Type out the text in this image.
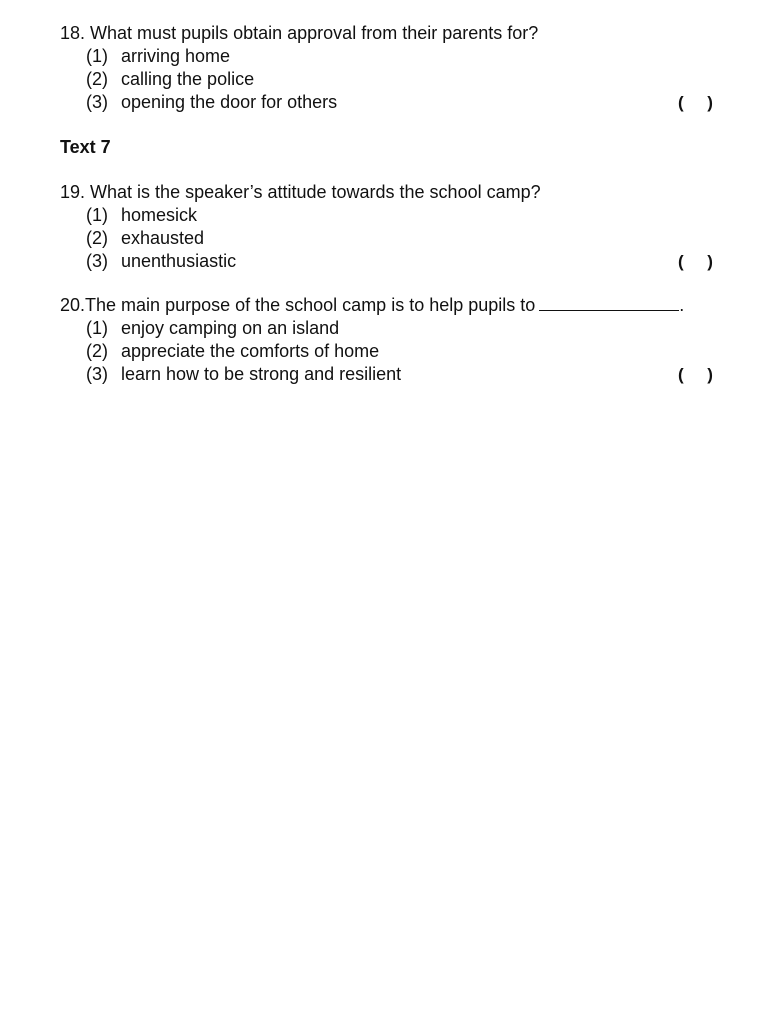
18. What must pupils obtain approval from their parents for?
(1) arriving home
(2) calling the police
(3) opening the door for others	(     )
Text 7
19. What is the speaker’s attitude towards the school camp?
(1) homesick
(2) exhausted
(3) unenthusiastic	(     )
20.The main purpose of the school camp is to help pupils to	.
(1) enjoy camping on an island
(2) appreciate the comforts of home
(3) learn how to be strong and resilient	(     )
